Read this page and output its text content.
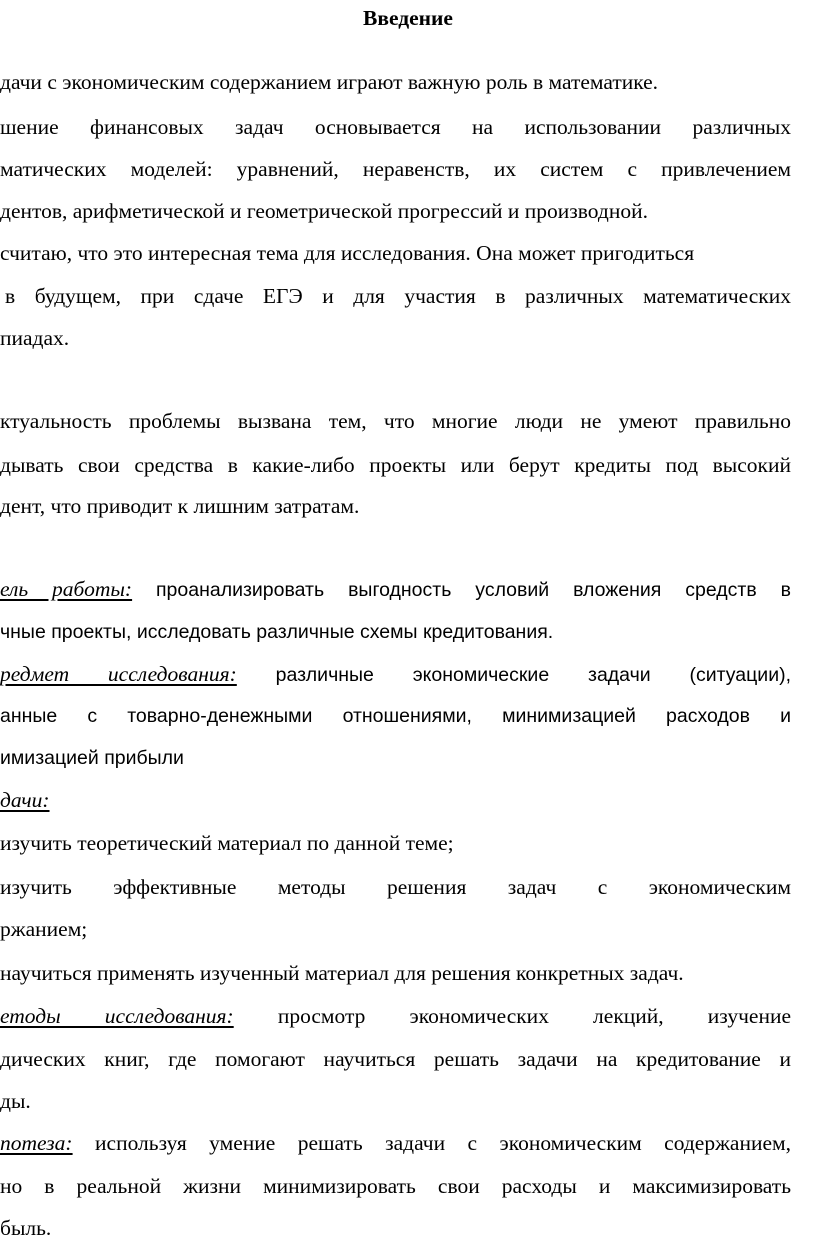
Введение
дачи с экономическим содержанием играют важную роль в математике.
шение финансовых задач основывается на использовании различных
матических моделей: уравнений, неравенств, их систем с привлечением
дентов, арифметической и геометрической прогрессий и производной.
считаю, что это интересная тема для исследования. Она может пригодиться
в будущем, при сдаче ЕГЭ и для участия в различных математических
пиадах.
ктуальность проблемы вызвана тем, что многие люди не умеют правильно
дывать свои средства в какие-либо проекты или берут кредиты под высокий
дент, что приводит к лишним затратам.
ель работы: проанализировать выгодность условий вложения средств в
чные проекты, исследовать различные схемы кредитования.
редмет исследования: различные экономические задачи (ситуации),
анные с товарно-денежными отношениями, минимизацией расходов и
имизацией прибыли
дачи:
изучить теоретический материал по данной теме;
изучить эффективные методы решения задач с экономическим
ржанием;
научиться применять изученный материал для решения конкретных задач.
етоды исследования: просмотр экономических лекций, изучение
дических книг, где помогают научиться решать задачи на кредитование и
ды.
потеза: используя умение решать задачи с экономическим содержанием,
но в реальной жизни минимизировать свои расходы и максимизировать
быль.
